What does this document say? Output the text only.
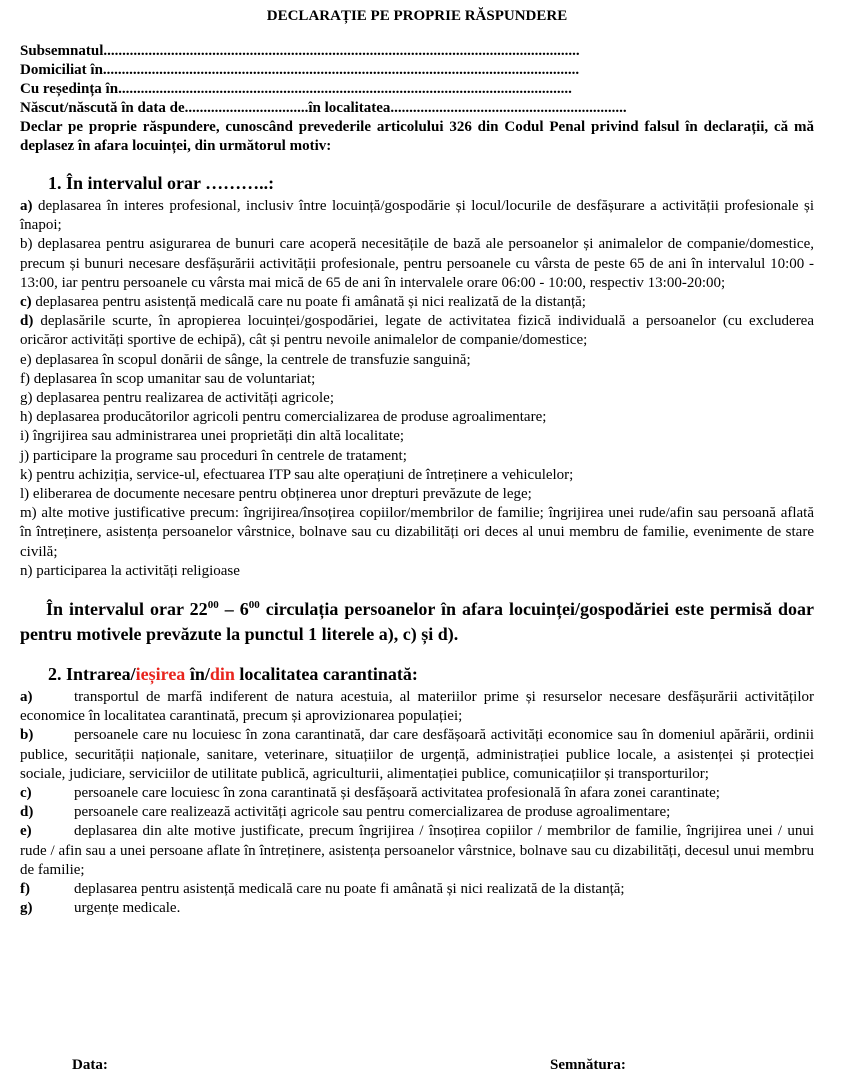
DECLARAȚIE PE PROPRIE RĂSPUNDERE
Subsemnatul...............................................................................................................................
Domiciliat în...............................................................................................................................
Cu reședința în.........................................................................................................................
Născut/născută în data de.................................în localitatea...............................................................

Declar pe proprie răspundere, cunoscând prevederile articolului 326 din Codul Penal privind falsul în declarații, că mă deplasez în afara locuinței, din următorul motiv:

1. În intervalul orar ………..:

a) deplasarea în interes profesional, inclusiv între locuință/gospodărie și locul/locurile de desfășurare a activității profesionale și înapoi;

b) deplasarea pentru asigurarea de bunuri care acoperă necesitățile de bază ale persoanelor și animalelor de companie/domestice, precum și bunuri necesare desfășurării activității profesionale, pentru persoanele cu vârsta de peste 65 de ani în intervalul 10:00 - 13:00, iar pentru persoanele cu vârsta mai mică de 65 de ani în intervalele orare 06:00 - 10:00, respectiv 13:00-20:00;

c) deplasarea pentru asistență medicală care nu poate fi amânată și nici realizată de la distanță;

d) deplasările scurte, în apropierea locuinței/gospodăriei, legate de activitatea fizică individuală a persoanelor (cu excluderea oricăror activități sportive de echipă), cât și pentru nevoile animalelor de companie/domestice;

e) deplasarea în scopul donării de sânge, la centrele de transfuzie sanguină;

f) deplasarea în scop umanitar sau de voluntariat;

g) deplasarea pentru realizarea de activități agricole;

h) deplasarea producătorilor agricoli pentru comercializarea de produse agroalimentare;

i) îngrijirea sau administrarea unei proprietăți din altă localitate;

j) participare la programe sau proceduri în centrele de tratament;

k) pentru achiziția, service-ul, efectuarea ITP sau alte operațiuni de întreținere a vehiculelor;

l) eliberarea de documente necesare pentru obținerea unor drepturi prevăzute de lege;

m) alte motive justificative precum: îngrijirea/însoțirea copiilor/membrilor de familie; îngrijirea unei rude/afin sau persoană aflată în întreținere, asistența persoanelor vârstnice, bolnave sau cu dizabilități ori deces al unui membru de familie, evenimente de stare civilă;

n) participarea la activități religioase

În intervalul orar $22^{00} - 6^{00}$ circulația persoanelor în afara locuinței/gospodăriei este permisă doar pentru motivele prevăzute la punctul 1 literele a), c) și d).

2. Intrarea/ieșirea în/din localitatea carantinată:

a)	transportul de marfă indiferent de natura acestuia, al materiilor prime și resurselor necesare desfășurării activităților economice în localitatea carantinată, precum și aprovizionarea populației;

b)	persoanele care nu locuiesc în zona carantinată, dar care desfășoară activități economice sau în domeniul apărării, ordinii publice, securității naționale, sanitare, veterinare, situațiilor de urgență, administrației publice locale, a asistenței și protecției sociale, judiciare, serviciilor de utilitate publică, agriculturii, alimentației publice, comunicațiilor și transporturilor;

c)	persoanele care locuiesc în zona carantinată și desfășoară activitatea profesională în afara zonei carantinate;

d)	persoanele care realizează activități agricole sau pentru comercializarea de produse agroalimentare;

e)	deplasarea din alte motive justificate, precum îngrijirea / însoțirea copiilor / membrilor de familie, îngrijirea unei / unui rude / afin sau a unei persoane aflate în întreținere, asistența persoanelor vârstnice, bolnave sau cu dizabilități, decesul unui membru de familie;

f)	deplasarea pentru asistență medicală care nu poate fi amânată și nici realizată de la distanță;

g)	urgențe medicale.

Data:	Semnătura:
